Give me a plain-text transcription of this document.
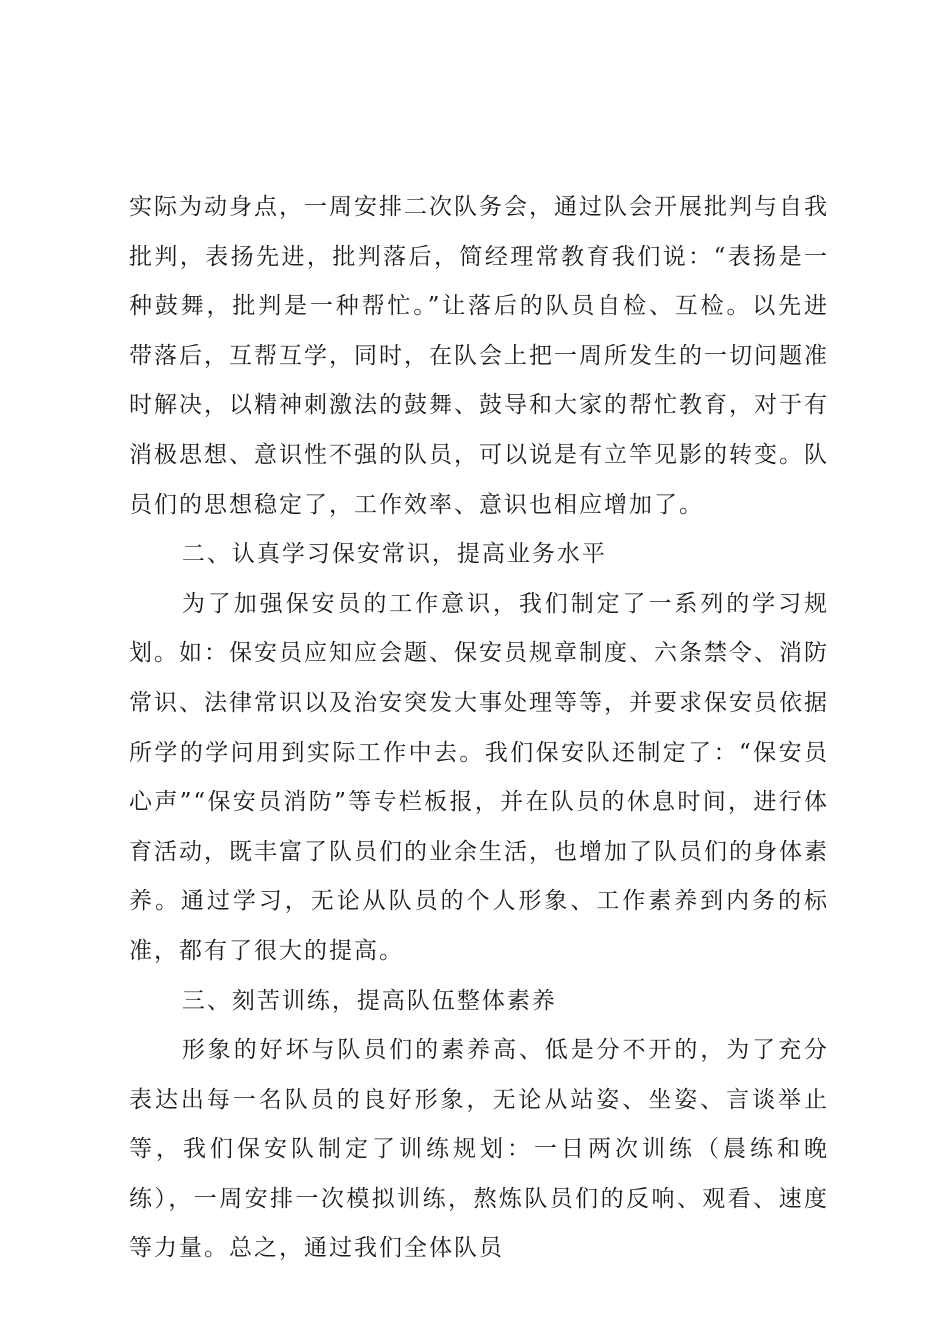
实际为动身点，一周安排二次队务会，通过队会开展批判与自我批判，表扬先进，批判落后，简经理常教育我们说：“表扬是一种鼓舞，批判是一种帮忙。”让落后的队员自检、互检。以先进带落后，互帮互学，同时，在队会上把一周所发生的一切问题准时解决，以精神刺激法的鼓舞、鼓导和大家的帮忙教育，对于有消极思想、意识性不强的队员，可以说是有立竿见影的转变。队员们的思想稳定了，工作效率、意识也相应增加了。

二、认真学习保安常识，提高业务水平

为了加强保安员的工作意识，我们制定了一系列的学习规划。如：保安员应知应会题、保安员规章制度、六条禁令、消防常识、法律常识以及治安突发大事处理等等，并要求保安员依据所学的学问用到实际工作中去。我们保安队还制定了：“保安员心声”“保安员消防”等专栏板报，并在队员的休息时间，进行体育活动，既丰富了队员们的业余生活，也增加了队员们的身体素养。通过学习，无论从队员的个人形象、工作素养到内务的标准，都有了很大的提高。

三、刻苦训练，提高队伍整体素养

形象的好坏与队员们的素养高、低是分不开的，为了充分表达出每一名队员的良好形象，无论从站姿、坐姿、言谈举止等，我们保安队制定了训练规划：一日两次训练（晨练和晚练），一周安排一次模拟训练，熬炼队员们的反响、观看、速度等力量。总之，通过我们全体队员
